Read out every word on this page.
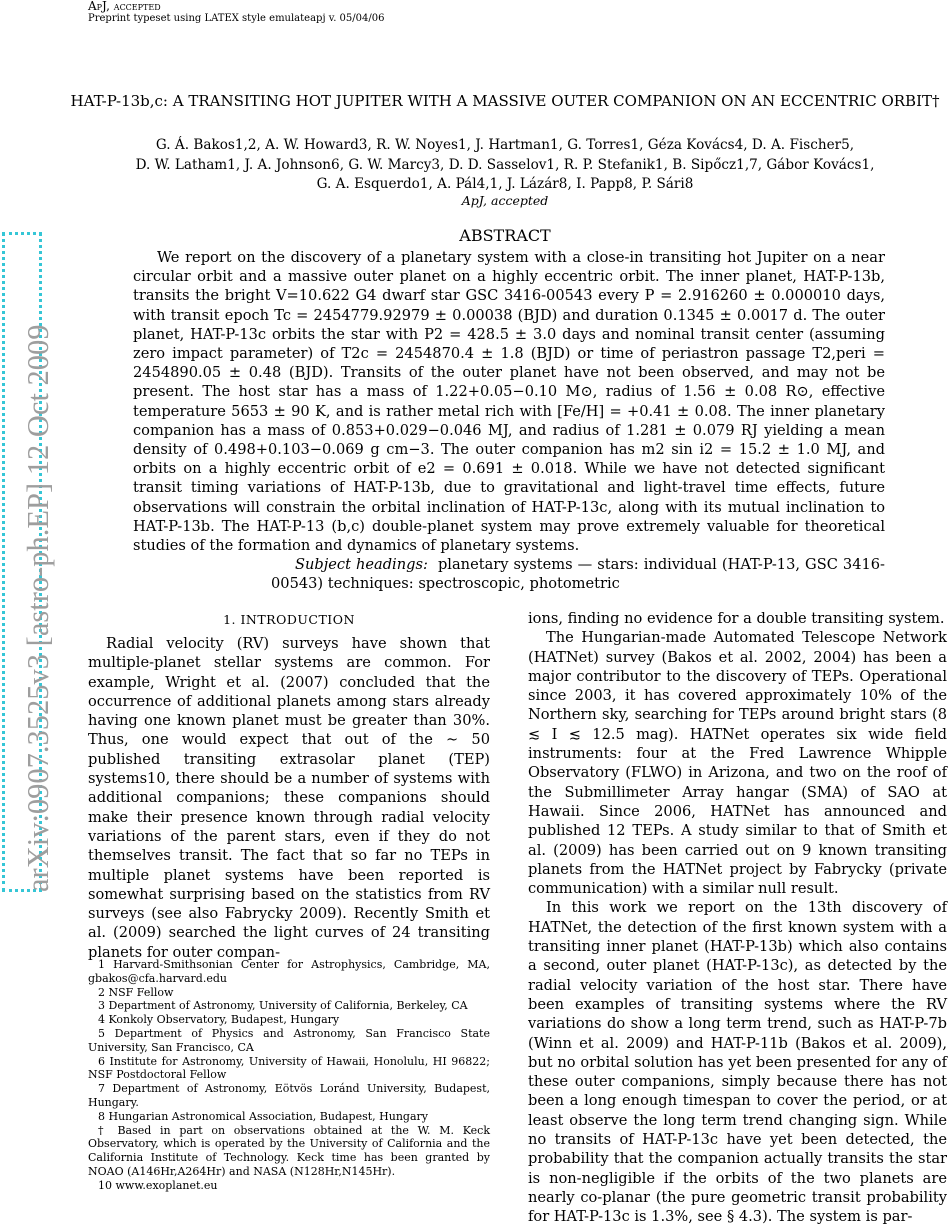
ApJ, accepted
Preprint typeset using LATEX style emulateapj v. 05/04/06
arXiv:0907.3525v3 [astro-ph.EP] 12 Oct 2009
HAT-P-13b,c: A TRANSITING HOT JUPITER WITH A MASSIVE OUTER COMPANION ON AN ECCENTRIC ORBIT†
G. Á. Bakos1,2, A. W. Howard3, R. W. Noyes1, J. Hartman1, G. Torres1, Géza Kovács4, D. A. Fischer5,
D. W. Latham1, J. A. Johnson6, G. W. Marcy3, D. D. Sasselov1, R. P. Stefanik1, B. Sipőcz1,7, Gábor Kovács1,
G. A. Esquerdo1, A. Pál4,1, J. Lázár8, I. Papp8, P. Sári8
ApJ, accepted
ABSTRACT

We report on the discovery of a planetary system with a close-in transiting hot Jupiter on a near circular orbit and a massive outer planet on a highly eccentric orbit. The inner planet, HAT-P-13b, transits the bright V=10.622 G4 dwarf star GSC 3416-00543 every P = 2.916260 ± 0.000010 days, with transit epoch Tc = 2454779.92979 ± 0.00038 (BJD) and duration 0.1345 ± 0.0017 d. The outer planet, HAT-P-13c orbits the star with P2 = 428.5 ± 3.0 days and nominal transit center (assuming zero impact parameter) of T2c = 2454870.4 ± 1.8 (BJD) or time of periastron passage T2,peri = 2454890.05 ± 0.48 (BJD). Transits of the outer planet have not been observed, and may not be present. The host star has a mass of 1.22+0.05−0.10 M⊙, radius of 1.56 ± 0.08 R⊙, effective temperature 5653 ± 90 K, and is rather metal rich with [Fe/H] = +0.41 ± 0.08. The inner planetary companion has a mass of 0.853+0.029−0.046 MJ, and radius of 1.281 ± 0.079 RJ yielding a mean density of 0.498+0.103−0.069 g cm−3. The outer companion has m2 sin i2 = 15.2 ± 1.0 MJ, and orbits on a highly eccentric orbit of e2 = 0.691 ± 0.018. While we have not detected significant transit timing variations of HAT-P-13b, due to gravitational and light-travel time effects, future observations will constrain the orbital inclination of HAT-P-13c, along with its mutual inclination to HAT-P-13b. The HAT-P-13 (b,c) double-planet system may prove extremely valuable for theoretical studies of the formation and dynamics of planetary systems.

Subject headings: planetary systems — stars: individual (HAT-P-13, GSC 3416-00543) techniques: spectroscopic, photometric

1. INTRODUCTION

Radial velocity (RV) surveys have shown that multiple-planet stellar systems are common. For example, Wright et al. (2007) concluded that the occurrence of additional planets among stars already having one known planet must be greater than 30%. Thus, one would expect that out of the ∼ 50 published transiting extrasolar planet (TEP) systems10, there should be a number of systems with additional companions; these companions should make their presence known through radial velocity variations of the parent stars, even if they do not themselves transit. The fact that so far no TEPs in multiple planet systems have been reported is somewhat surprising based on the statistics from RV surveys (see also Fabrycky 2009). Recently Smith et al. (2009) searched the light curves of 24 transiting planets for outer compan-

1 Harvard-Smithsonian Center for Astrophysics, Cambridge, MA, gbakos@cfa.harvard.edu

2 NSF Fellow

3 Department of Astronomy, University of California, Berkeley, CA

4 Konkoly Observatory, Budapest, Hungary

5 Department of Physics and Astronomy, San Francisco State University, San Francisco, CA

6 Institute for Astronomy, University of Hawaii, Honolulu, HI 96822; NSF Postdoctoral Fellow

7 Department of Astronomy, Eötvös Loránd University, Budapest, Hungary.

8 Hungarian Astronomical Association, Budapest, Hungary

† Based in part on observations obtained at the W. M. Keck Observatory, which is operated by the University of California and the California Institute of Technology. Keck time has been granted by NOAO (A146Hr,A264Hr) and NASA (N128Hr,N145Hr).

10 www.exoplanet.eu

ions, finding no evidence for a double transiting system.

The Hungarian-made Automated Telescope Network (HATNet) survey (Bakos et al. 2002, 2004) has been a major contributor to the discovery of TEPs. Operational since 2003, it has covered approximately 10% of the Northern sky, searching for TEPs around bright stars (8 ≲ I ≲ 12.5 mag). HATNet operates six wide field instruments: four at the Fred Lawrence Whipple Observatory (FLWO) in Arizona, and two on the roof of the Submillimeter Array hangar (SMA) of SAO at Hawaii. Since 2006, HATNet has announced and published 12 TEPs. A study similar to that of Smith et al. (2009) has been carried out on 9 known transiting planets from the HATNet project by Fabrycky (private communication) with a similar null result.

In this work we report on the 13th discovery of HATNet, the detection of the first known system with a transiting inner planet (HAT-P-13b) which also contains a second, outer planet (HAT-P-13c), as detected by the radial velocity variation of the host star. There have been examples of transiting systems where the RV variations do show a long term trend, such as HAT-P-7b (Winn et al. 2009) and HAT-P-11b (Bakos et al. 2009), but no orbital solution has yet been presented for any of these outer companions, simply because there has not been a long enough timespan to cover the period, or at least observe the long term trend changing sign. While no transits of HAT-P-13c have yet been detected, the probability that the companion actually transits the star is non-negligible if the orbits of the two planets are nearly co-planar (the pure geometric transit probability for HAT-P-13c is 1.3%, see § 4.3). The system is par-
